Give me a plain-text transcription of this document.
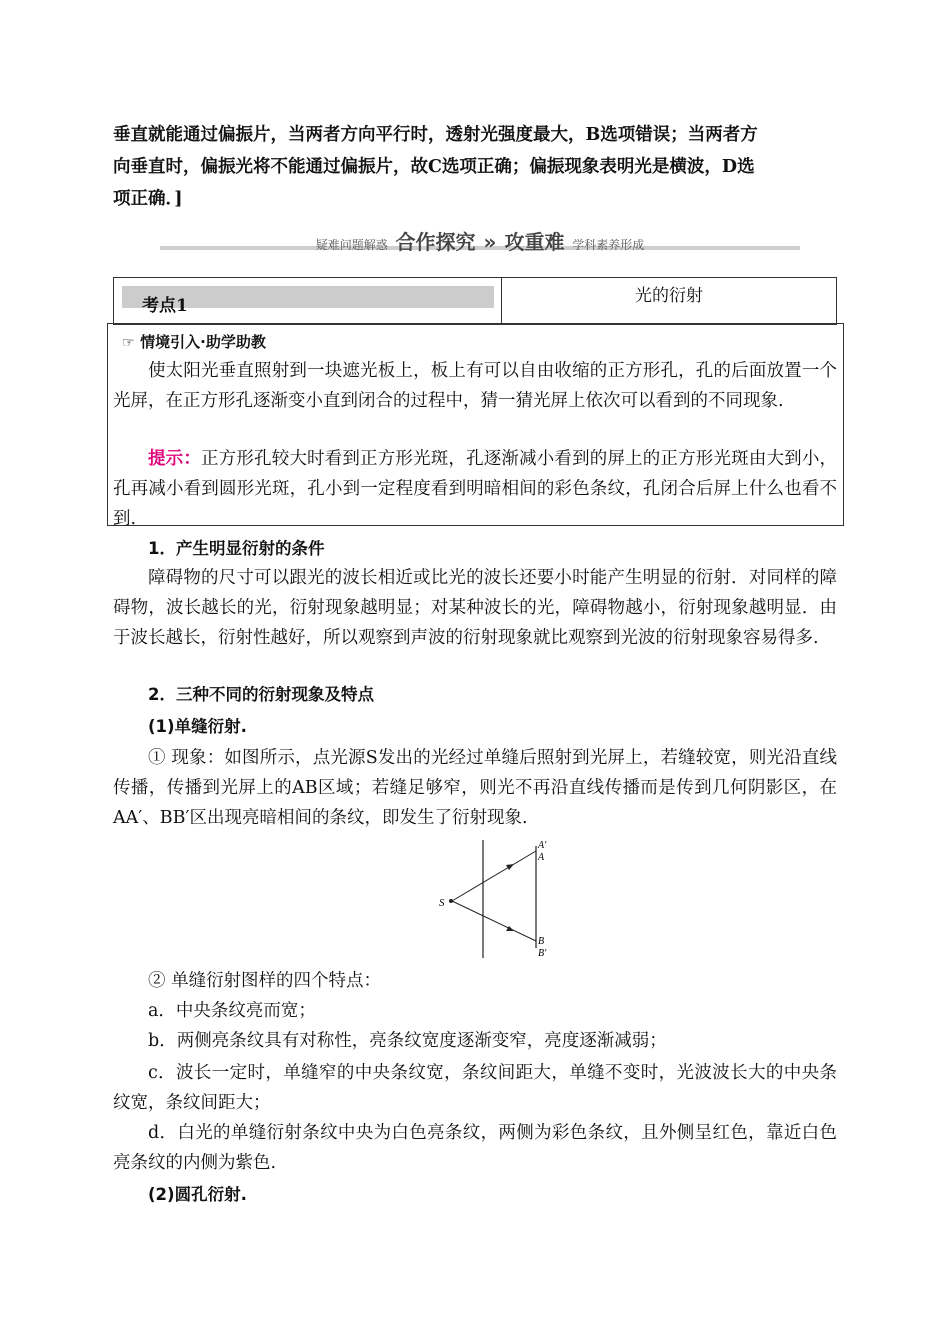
垂直就能通过偏振片，当两者方向平行时，透射光强度最大，B选项错误；当两者方
向垂直时，偏振光将不能通过偏振片，故C选项正确；偏振现象表明光是横波，D选
项正确．]
疑难问题解惑 合作探究 » 攻重难 学科素养形成
考点1	光的衍射
☞ 情境引入·助学助教
使太阳光垂直照射到一块遮光板上，板上有可以自由收缩的正方形孔，孔的后面放置一个光屏，在正方形孔逐渐变小直到闭合的过程中，猜一猜光屏上依次可以看到的不同现象.
提示：正方形孔较大时看到正方形光斑，孔逐渐减小看到的屏上的正方形光斑由大到小，孔再减小看到圆形光斑，孔小到一定程度看到明暗相间的彩色条纹，孔闭合后屏上什么也看不到.
1．产生明显衍射的条件
障碍物的尺寸可以跟光的波长相近或比光的波长还要小时能产生明显的衍射．对同样的障碍物，波长越长的光，衍射现象越明显；对某种波长的光，障碍物越小，衍射现象越明显．由于波长越长，衍射性越好，所以观察到声波的衍射现象就比观察到光波的衍射现象容易得多.
2．三种不同的衍射现象及特点
(1)单缝衍射.
① 现象：如图所示，点光源S发出的光经过单缝后照射到光屏上，若缝较宽，则光沿直线传播，传播到光屏上的AB区域；若缝足够窄，则光不再沿直线传播而是传到几何阴影区，在AA′、BB′区出现亮暗相间的条纹，即发生了衍射现象.
S
A′
A
B
B′
② 单缝衍射图样的四个特点：
a．中央条纹亮而宽；
b．两侧亮条纹具有对称性，亮条纹宽度逐渐变窄，亮度逐渐减弱；
c．波长一定时，单缝窄的中央条纹宽，条纹间距大，单缝不变时，光波波长大的中央条纹宽，条纹间距大；
d．白光的单缝衍射条纹中央为白色亮条纹，两侧为彩色条纹，且外侧呈红色，靠近白色亮条纹的内侧为紫色.
(2)圆孔衍射.
